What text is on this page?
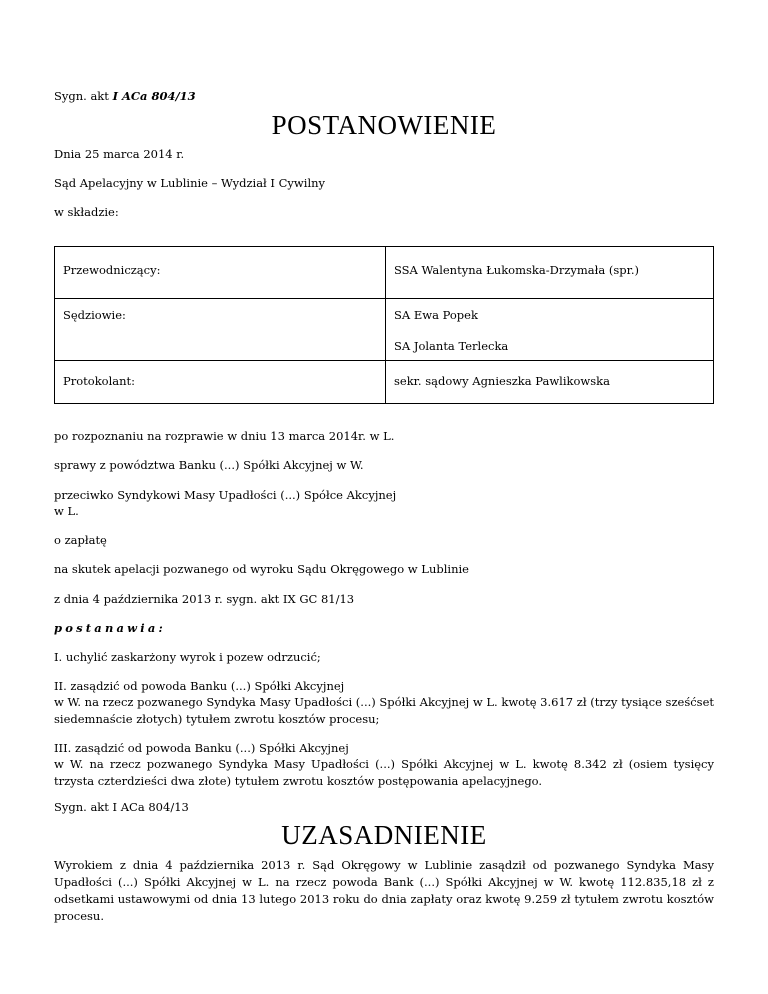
Sygn. akt I ACa 804/13
POSTANOWIENIE
Dnia 25 marca 2014 r.
Sąd Apelacyjny w Lublinie – Wydział I Cywilny
w składzie:
Przewodniczący:	SSA Walentyna Łukomska-Drzymała (spr.)
Sędziowie:	SA Ewa Popek
SA Jolanta Terlecka

Protokolant:	sekr. sądowy Agnieszka Pawlikowska
po rozpoznaniu na rozprawie w dniu 13 marca 2014r. w L.
sprawy z powództwa Banku (...) Spółki Akcyjnej w W.
przeciwko Syndykowi Masy Upadłości (...) Spółce Akcyjnej
w L.
o zapłatę
na skutek apelacji pozwanego od wyroku Sądu Okręgowego w Lublinie
z dnia 4 października 2013 r. sygn. akt IX GC 81/13
postanawia:
I. uchylić zaskarżony wyrok i pozew odrzucić;
II. zasądzić od powoda Banku (...) Spółki Akcyjnej
w W. na rzecz pozwanego Syndyka Masy Upadłości (...) Spółki Akcyjnej w L. kwotę 3.617 zł (trzy tysiące sześćset siedemnaście złotych) tytułem zwrotu kosztów procesu;
III. zasądzić od powoda Banku (...) Spółki Akcyjnej
w W. na rzecz pozwanego Syndyka Masy Upadłości (...) Spółki Akcyjnej w L. kwotę 8.342 zł (osiem tysięcy trzysta czterdzieści dwa złote) tytułem zwrotu kosztów postępowania apelacyjnego.
Sygn. akt I ACa 804/13
UZASADNIENIE
Wyrokiem z dnia 4 października 2013 r. Sąd Okręgowy w Lublinie zasądził od pozwanego Syndyka Masy Upadłości (...) Spółki Akcyjnej w L. na rzecz powoda Bank (...) Spółki Akcyjnej w W. kwotę 112.835,18 zł z odsetkami ustawowymi od dnia 13 lutego 2013 roku do dnia zapłaty oraz kwotę 9.259 zł tytułem zwrotu kosztów procesu.
